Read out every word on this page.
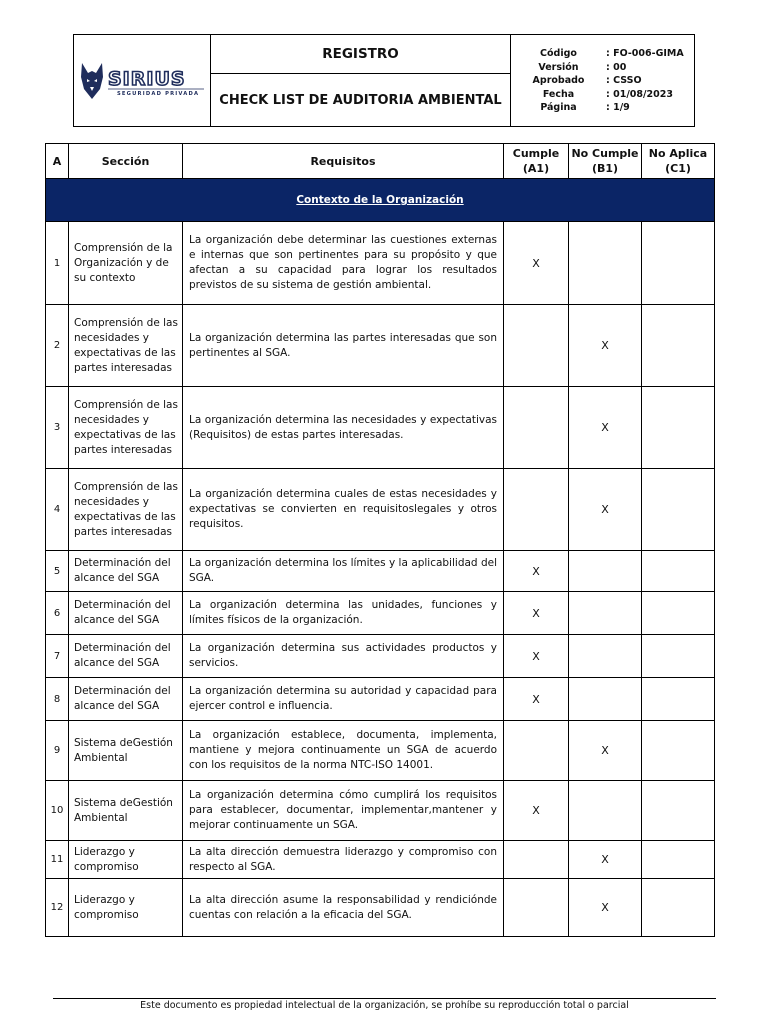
SIRIUS
SEGURIDAD PRIVADA
REGISTRO
CHECK LIST DE AUDITORIA AMBIENTAL
Código	: FO-006-GIMA
Versión	: 00
Aprobado	: CSSO
Fecha	: 01/08/2023
Página	: 1/9
A	Sección	Requisitos	Cumple (A1)	No Cumple (B1)	No Aplica (C1)
Contexto de la Organización					
1	Comprensión de la Organización y de su contexto	La organización debe determinar las cuestiones externas e internas que son pertinentes para su propósito y que afectan a su capacidad para lograr los resultados previstos de su sistema de gestión ambiental.	X		
2	Comprensión de las necesidades y expectativas de las partes interesadas	La organización determina las partes interesadas que son pertinentes al SGA.		X	
3	Comprensión de las necesidades y expectativas de las partes interesadas	La organización determina las necesidades y expectativas (Requisitos) de estas partes interesadas.		X	
4	Comprensión de las necesidades y expectativas de las partes interesadas	La organización determina cuales de estas necesidades y expectativas se convierten en requisitoslegales y otros requisitos.		X	
5	Determinación del alcance del SGA	La organización determina los límites y la aplicabilidad del SGA.	X		
6	Determinación del alcance del SGA	La organización determina las unidades, funciones y límites físicos de la organización.	X		
7	Determinación del alcance del SGA	La organización determina sus actividades productos y servicios.	X		
8	Determinación del alcance del SGA	La organización determina su autoridad y capacidad para ejercer control e influencia.	X		
9	Sistema deGestión Ambiental	La organización establece, documenta, implementa, mantiene y mejora continuamente un SGA de acuerdo con los requisitos de la norma NTC-ISO 14001.		X	
10	Sistema deGestión Ambiental	La organización determina cómo cumplirá los requisitos para establecer, documentar, implementar,mantener y mejorar continuamente un SGA.	X		
11	Liderazgo y compromiso	La alta dirección demuestra liderazgo y compromiso con respecto al SGA.		X	
12	Liderazgo y compromiso	La alta dirección asume la responsabilidad y rendiciónde cuentas con relación a la eficacia del SGA.		X	
Este documento es propiedad intelectual de la organización, se prohíbe su reproducción total o parcial
